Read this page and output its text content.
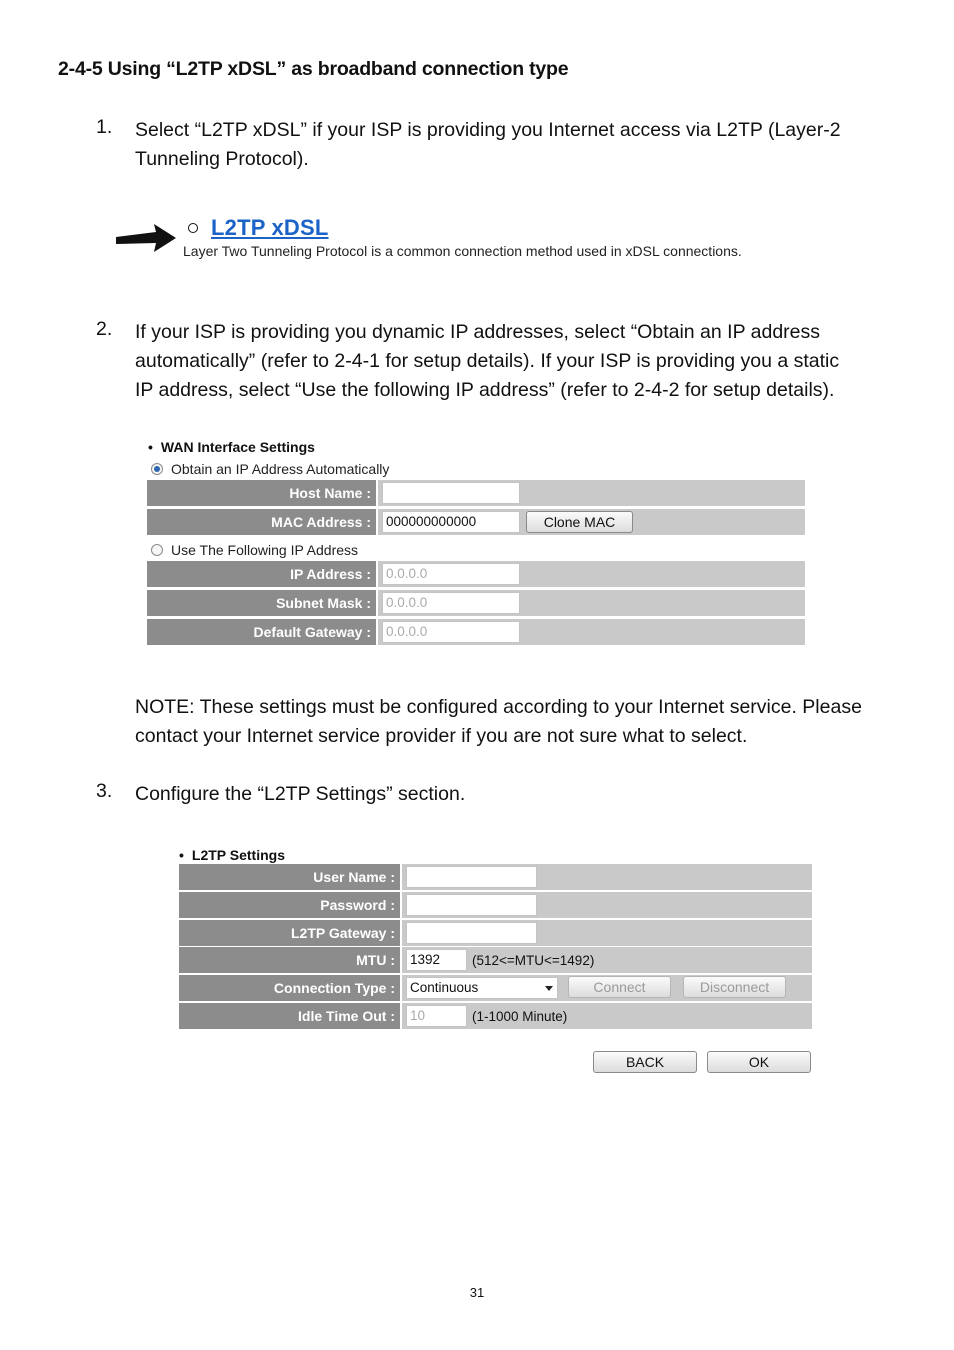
2-4-5 Using “L2TP xDSL” as broadband connection type
1. Select “L2TP xDSL” if your ISP is providing you Internet access via L2TP (Layer-2
Tunneling Protocol).
L2TP xDSL
Layer Two Tunneling Protocol is a common connection method used in xDSL connections.
2. If your ISP is providing you dynamic IP addresses, select “Obtain an IP address
automatically” (refer to 2-4-1 for setup details). If your ISP is providing you a static
IP address, select “Use the following IP address” (refer to 2-4-2 for setup details).
• WAN Interface Settings
Obtain an IP Address Automatically
Host Name :
MAC Address :	000000000000	Clone MAC
Use The Following IP Address
IP Address :	0.0.0.0
Subnet Mask :	0.0.0.0
Default Gateway :	0.0.0.0
NOTE: These settings must be configured according to your Internet service. Please
contact your Internet service provider if you are not sure what to select.
3. Configure the “L2TP Settings” section.
• L2TP Settings
User Name :
Password :
L2TP Gateway :
MTU :	1392	(512<=MTU<=1492)
Connection Type :	Continuous	Connect	Disconnect
Idle Time Out :	10	(1-1000 Minute)
BACK	OK
31
